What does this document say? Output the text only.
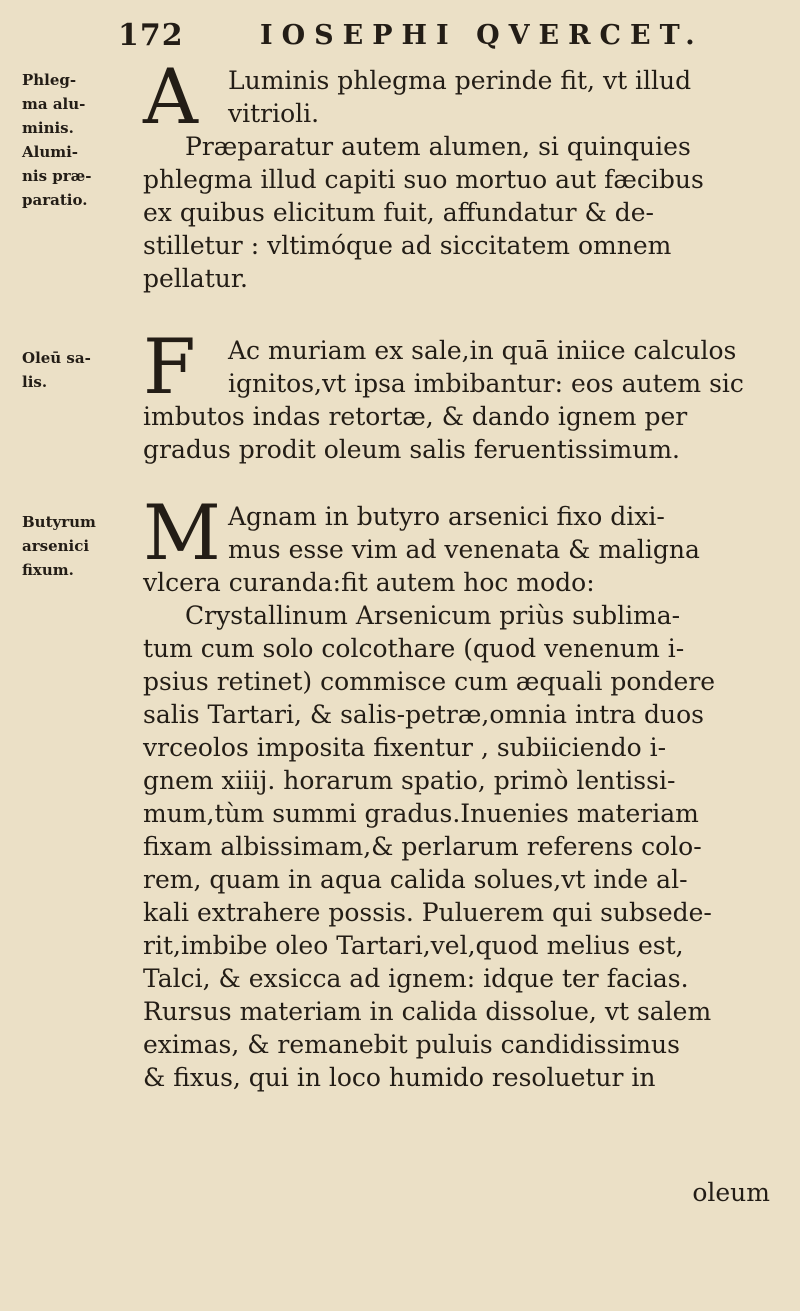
172	IOSEPHI QVERCET.
Phleg-
ma alu-
minis.
Alumi-
nis præ-
paratio.
Oleū sa-
lis.
Butyrum
arsenici
fixum.
A	Luminis phlegma perinde fit, vt illud
vitrioli.
Præparatur autem alumen, si quinquies
phlegma illud capiti suo mortuo aut fæcibus
ex quibus elicitum fuit, affundatur & de-
stilletur : vltimóque ad siccitatem omnem
pellatur.
F	Ac muriam ex sale,in quā iniice calculos
ignitos,vt ipsa imbibantur: eos autem sic
imbutos indas retortæ, & dando ignem per
gradus prodit oleum salis feruentissimum.
M Agnam in butyro arsenici fixo dixi-
mus esse vim ad venenata & maligna
vlcera curanda:fit autem hoc modo:
Crystallinum Arsenicum priùs sublima-
tum cum solo colcothare (quod venenum i-
psius retinet) commisce cum æquali pondere
salis Tartari, & salis-petræ,omnia intra duos
vrceolos imposita fixentur , subiiciendo i-
gnem xiiij. horarum spatio, primò lentissi-
mum,tùm summi gradus.Inuenies materiam
fixam albissimam,& perlarum referens colo-
rem, quam in aqua calida solues,vt inde al-
kali extrahere possis. Puluerem qui subsede-
rit,imbibe oleo Tartari,vel,quod melius est,
Talci, & exsicca ad ignem: idque ter facias.
Rursus materiam in calida dissolue, vt salem
eximas, & remanebit puluis candidissimus
& fixus, qui in loco humido resoluetur in
oleum
